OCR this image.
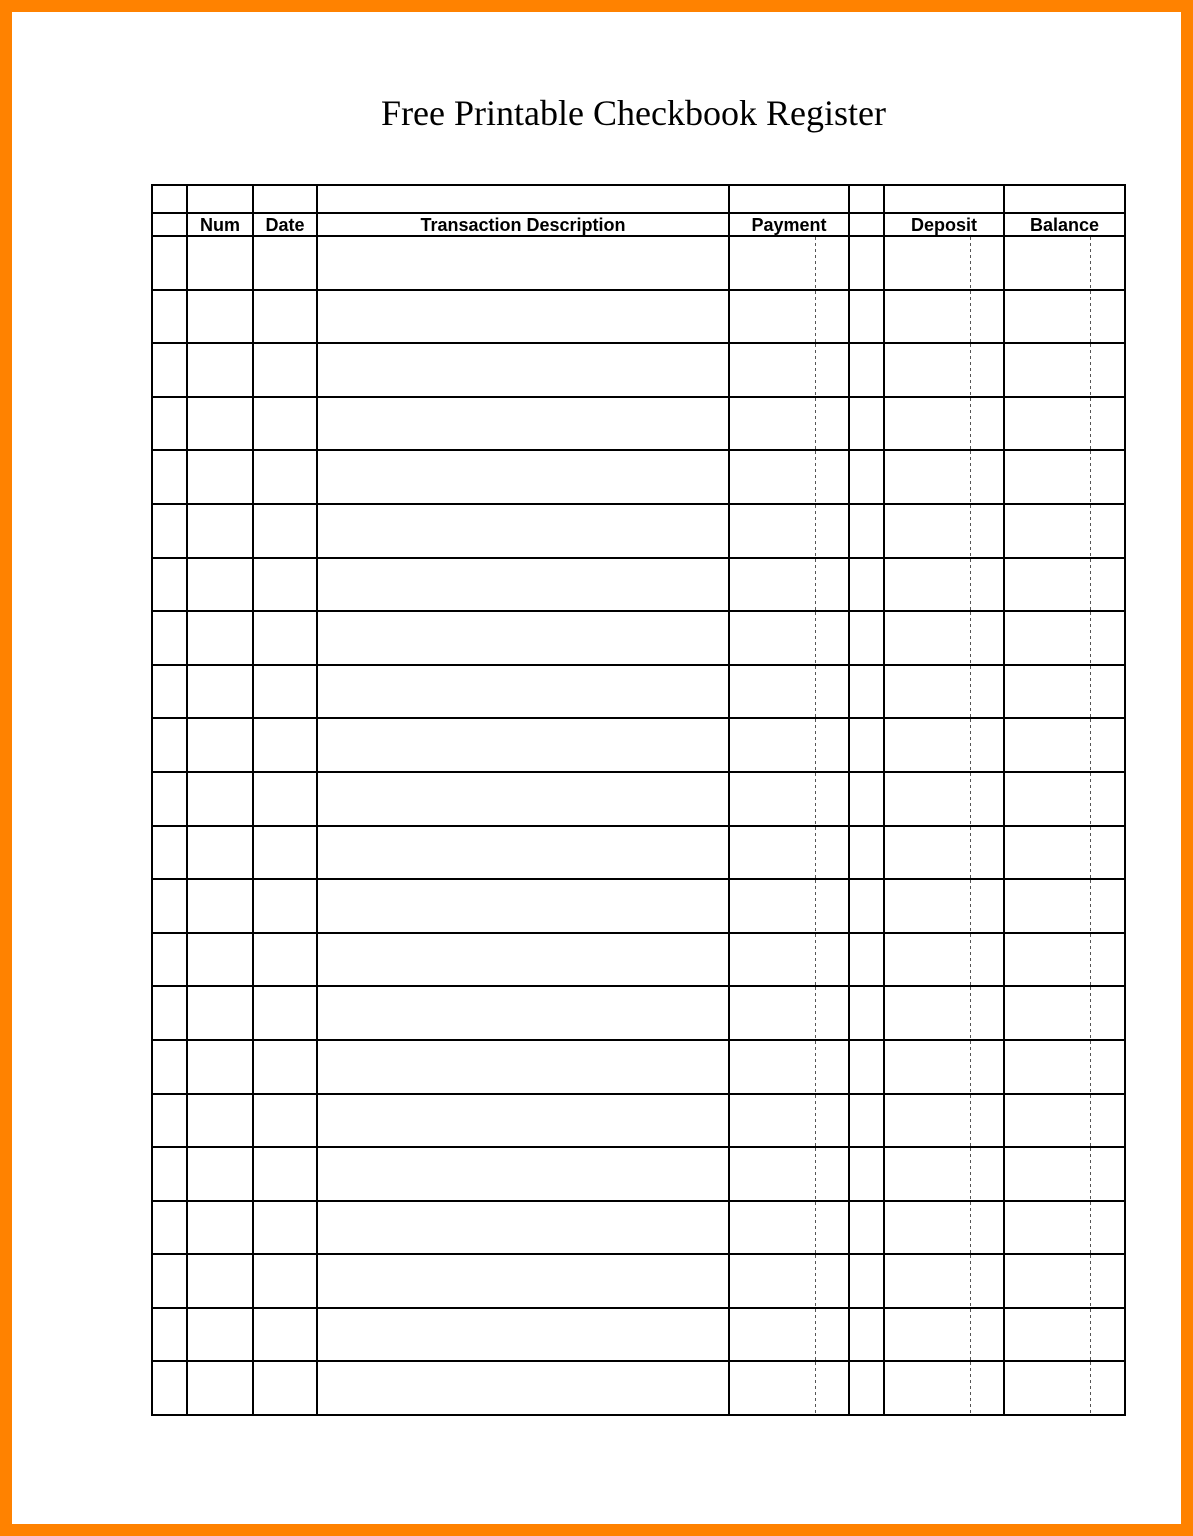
Free Printable Checkbook Register

	Num	Date	Transaction Description	Payment		Deposit	Balance
